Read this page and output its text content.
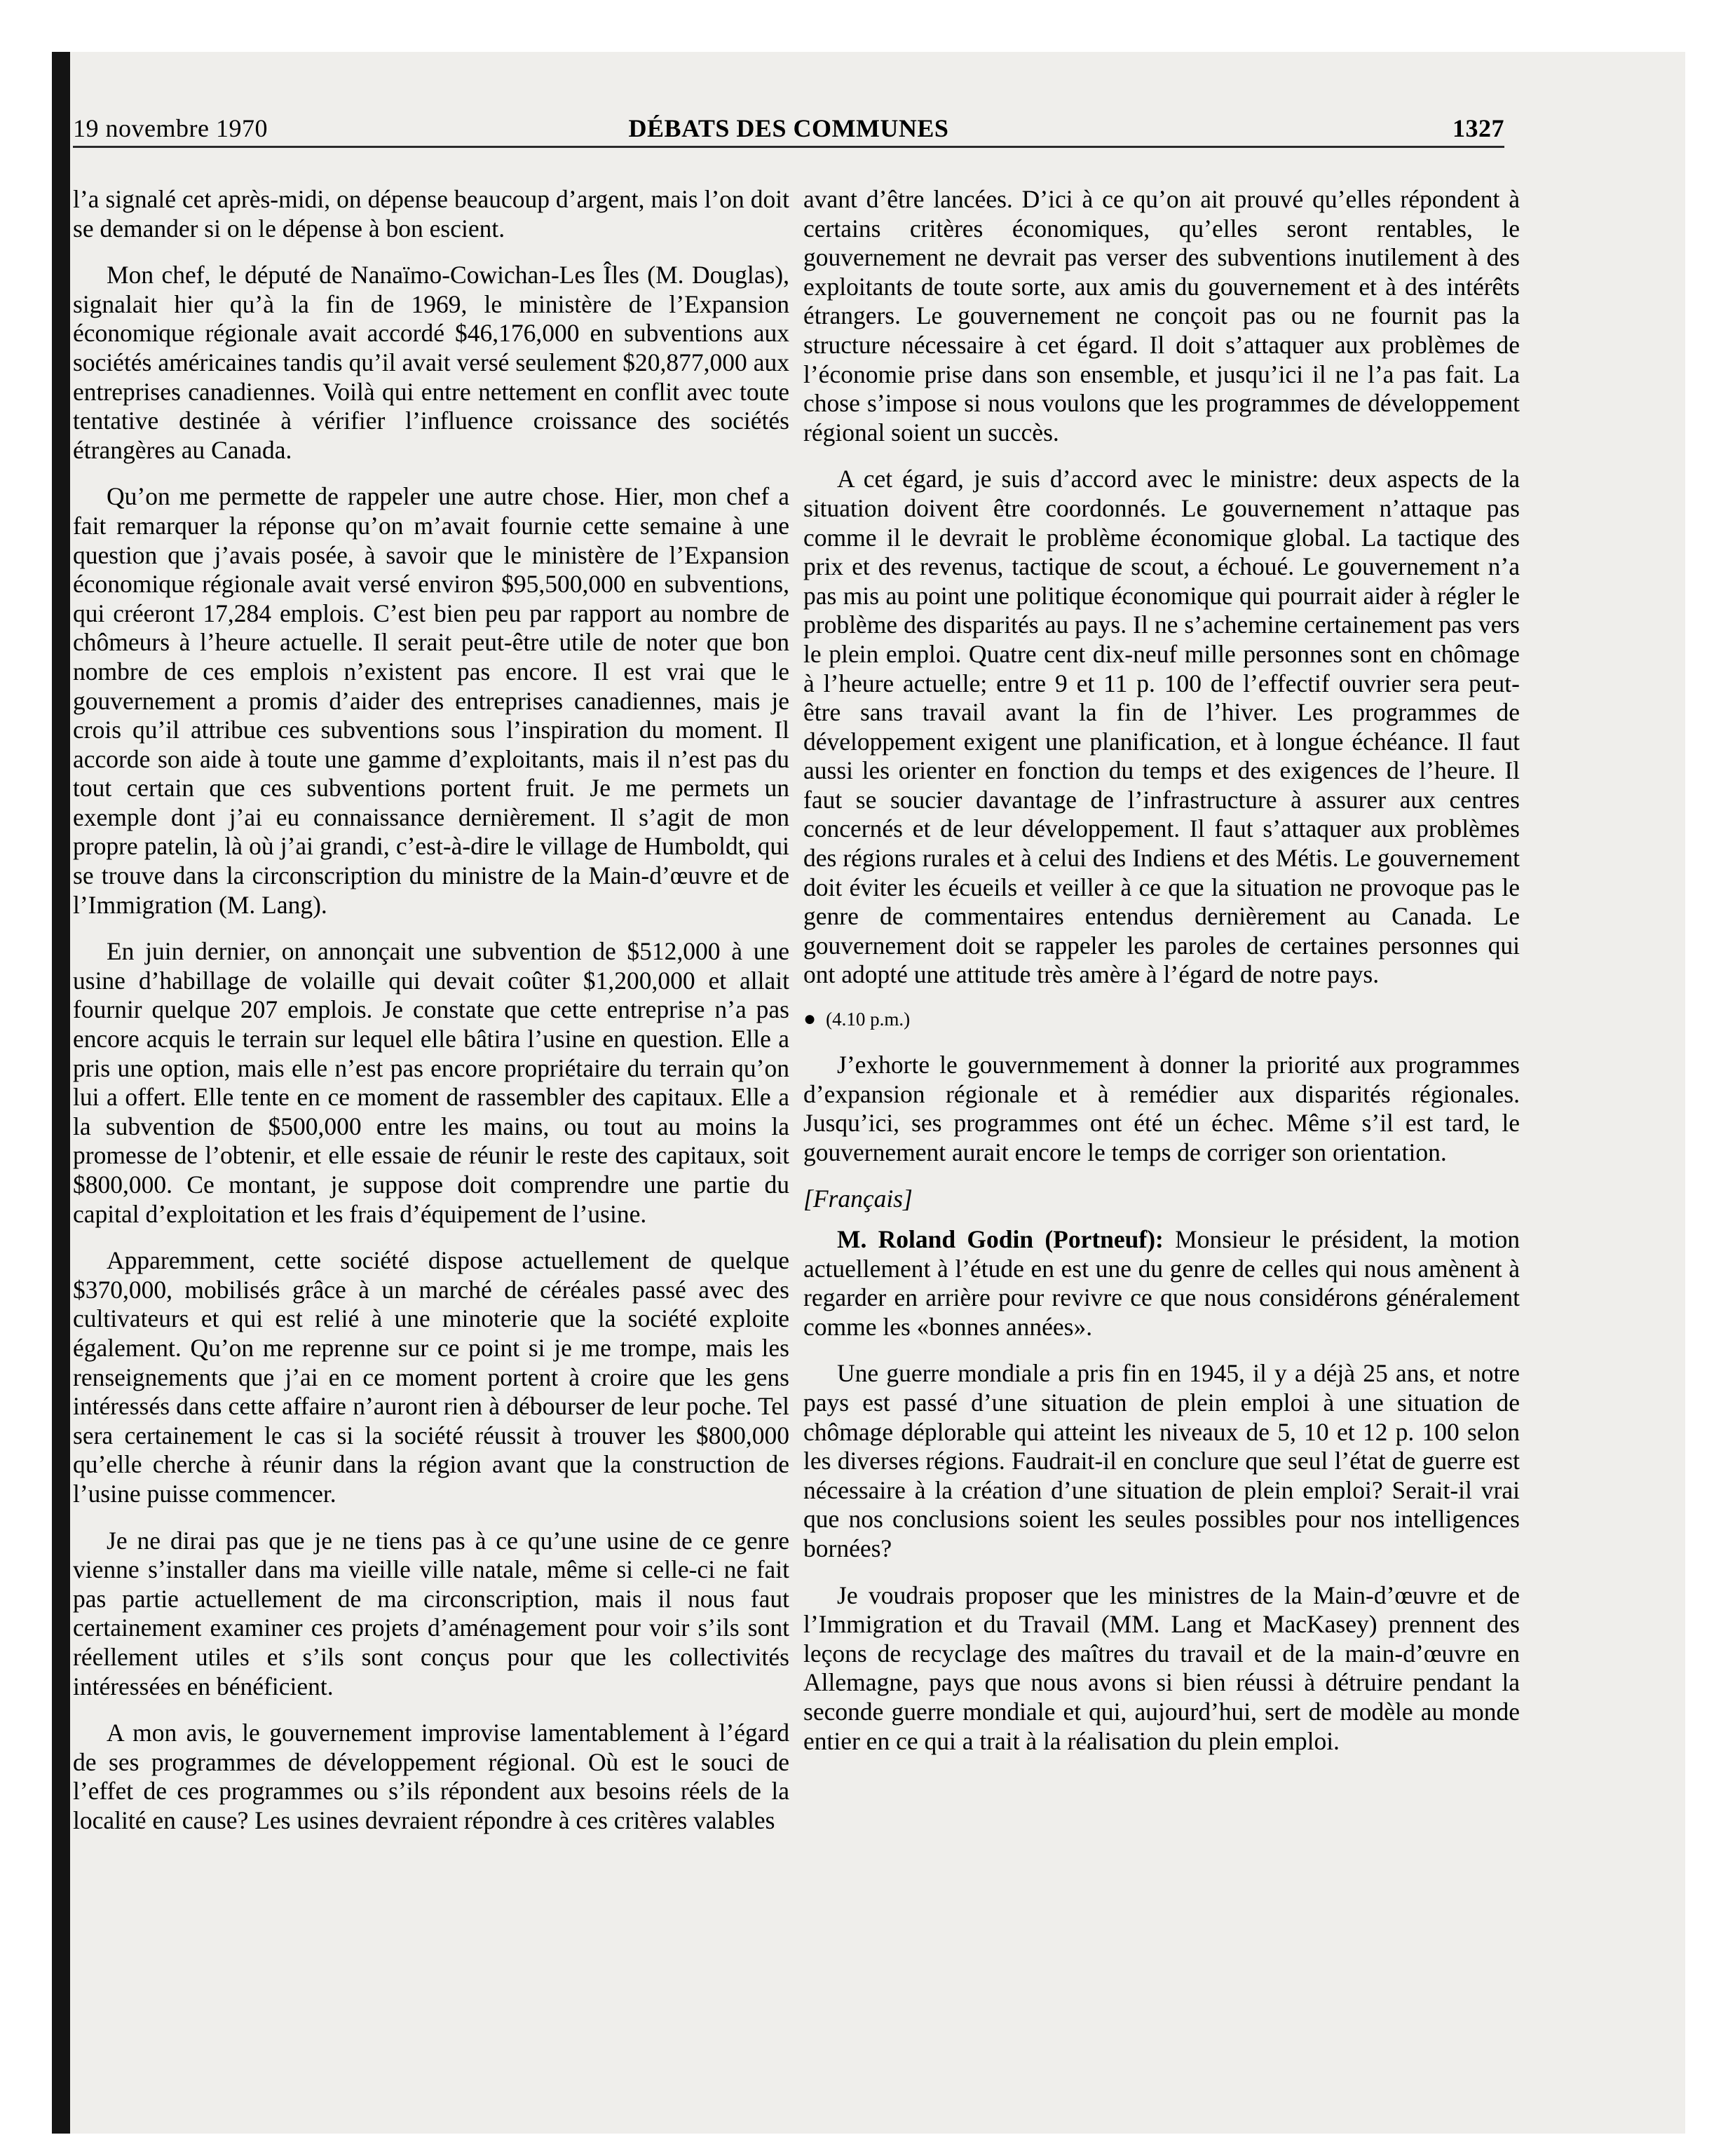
19 novembre 1970	DÉBATS DES COMMUNES	1327

l’a signalé cet après-midi, on dépense beaucoup d’argent, mais l’on doit se demander si on le dépense à bon escient.

Mon chef, le député de Nanaïmo-Cowichan-Les Îles (M. Douglas), signalait hier qu’à la fin de 1969, le ministère de l’Expansion économique régionale avait accordé $46,176,000 en subventions aux sociétés américaines tandis qu’il avait versé seulement $20,877,000 aux entreprises canadiennes. Voilà qui entre nettement en conflit avec toute tentative destinée à vérifier l’influence croissance des sociétés étrangères au Canada.

Qu’on me permette de rappeler une autre chose. Hier, mon chef a fait remarquer la réponse qu’on m’avait fournie cette semaine à une question que j’avais posée, à savoir que le ministère de l’Expansion économique régionale avait versé environ $95,500,000 en subventions, qui créeront 17,284 emplois. C’est bien peu par rapport au nombre de chômeurs à l’heure actuelle. Il serait peut-être utile de noter que bon nombre de ces emplois n’existent pas encore. Il est vrai que le gouvernement a promis d’aider des entreprises canadiennes, mais je crois qu’il attribue ces subventions sous l’inspiration du moment. Il accorde son aide à toute une gamme d’exploitants, mais il n’est pas du tout certain que ces subventions portent fruit. Je me permets un exemple dont j’ai eu connaissance dernièrement. Il s’agit de mon propre patelin, là où j’ai grandi, c’est-à-dire le village de Humboldt, qui se trouve dans la circonscription du ministre de la Main-d’œuvre et de l’Immigration (M. Lang).

En juin dernier, on annonçait une subvention de $512,000 à une usine d’habillage de volaille qui devait coûter $1,200,000 et allait fournir quelque 207 emplois. Je constate que cette entreprise n’a pas encore acquis le terrain sur lequel elle bâtira l’usine en question. Elle a pris une option, mais elle n’est pas encore propriétaire du terrain qu’on lui a offert. Elle tente en ce moment de rassembler des capitaux. Elle a la subvention de $500,000 entre les mains, ou tout au moins la promesse de l’obtenir, et elle essaie de réunir le reste des capitaux, soit $800,000. Ce montant, je suppose doit comprendre une partie du capital d’exploitation et les frais d’équipement de l’usine.

Apparemment, cette société dispose actuellement de quelque $370,000, mobilisés grâce à un marché de céréales passé avec des cultivateurs et qui est relié à une minoterie que la société exploite également. Qu’on me reprenne sur ce point si je me trompe, mais les renseignements que j’ai en ce moment portent à croire que les gens intéressés dans cette affaire n’auront rien à débourser de leur poche. Tel sera certainement le cas si la société réussit à trouver les $800,000 qu’elle cherche à réunir dans la région avant que la construction de l’usine puisse commencer.

Je ne dirai pas que je ne tiens pas à ce qu’une usine de ce genre vienne s’installer dans ma vieille ville natale, même si celle-ci ne fait pas partie actuellement de ma circonscription, mais il nous faut certainement examiner ces projets d’aménagement pour voir s’ils sont réellement utiles et s’ils sont conçus pour que les collectivités intéressées en bénéficient.

A mon avis, le gouvernement improvise lamentablement à l’égard de ses programmes de développement régional. Où est le souci de l’effet de ces programmes ou s’ils répondent aux besoins réels de la localité en cause? Les usines devraient répondre à ces critères valables

avant d’être lancées. D’ici à ce qu’on ait prouvé qu’elles répondent à certains critères économiques, qu’elles seront rentables, le gouvernement ne devrait pas verser des subventions inutilement à des exploitants de toute sorte, aux amis du gouvernement et à des intérêts étrangers. Le gouvernement ne conçoit pas ou ne fournit pas la structure nécessaire à cet égard. Il doit s’attaquer aux problèmes de l’économie prise dans son ensemble, et jusqu’ici il ne l’a pas fait. La chose s’impose si nous voulons que les programmes de développement régional soient un succès.

A cet égard, je suis d’accord avec le ministre: deux aspects de la situation doivent être coordonnés. Le gouvernement n’attaque pas comme il le devrait le problème économique global. La tactique des prix et des revenus, tactique de scout, a échoué. Le gouvernement n’a pas mis au point une politique économique qui pourrait aider à régler le problème des disparités au pays. Il ne s’achemine certainement pas vers le plein emploi. Quatre cent dix-neuf mille personnes sont en chômage à l’heure actuelle; entre 9 et 11 p. 100 de l’effectif ouvrier sera peut-être sans travail avant la fin de l’hiver. Les programmes de développement exigent une planification, et à longue échéance. Il faut aussi les orienter en fonction du temps et des exigences de l’heure. Il faut se soucier davantage de l’infrastructure à assurer aux centres concernés et de leur développement. Il faut s’attaquer aux problèmes des régions rurales et à celui des Indiens et des Métis. Le gouvernement doit éviter les écueils et veiller à ce que la situation ne provoque pas le genre de commentaires entendus dernièrement au Canada. Le gouvernement doit se rappeler les paroles de certaines personnes qui ont adopté une attitude très amère à l’égard de notre pays.

● (4.10 p.m.)

J’exhorte le gouvernmement à donner la priorité aux programmes d’expansion régionale et à remédier aux disparités régionales. Jusqu’ici, ses programmes ont été un échec. Même s’il est tard, le gouvernement aurait encore le temps de corriger son orientation.

[Français]

M. Roland Godin (Portneuf): Monsieur le président, la motion actuellement à l’étude en est une du genre de celles qui nous amènent à regarder en arrière pour revivre ce que nous considérons généralement comme les «bonnes années».

Une guerre mondiale a pris fin en 1945, il y a déjà 25 ans, et notre pays est passé d’une situation de plein emploi à une situation de chômage déplorable qui atteint les niveaux de 5, 10 et 12 p. 100 selon les diverses régions. Faudrait-il en conclure que seul l’état de guerre est nécessaire à la création d’une situation de plein emploi? Serait-il vrai que nos conclusions soient les seules possibles pour nos intelligences bornées?

Je voudrais proposer que les ministres de la Main-d’œuvre et de l’Immigration et du Travail (MM. Lang et MacKasey) prennent des leçons de recyclage des maîtres du travail et de la main-d’œuvre en Allemagne, pays que nous avons si bien réussi à détruire pendant la seconde guerre mondiale et qui, aujourd’hui, sert de modèle au monde entier en ce qui a trait à la réalisation du plein emploi.
